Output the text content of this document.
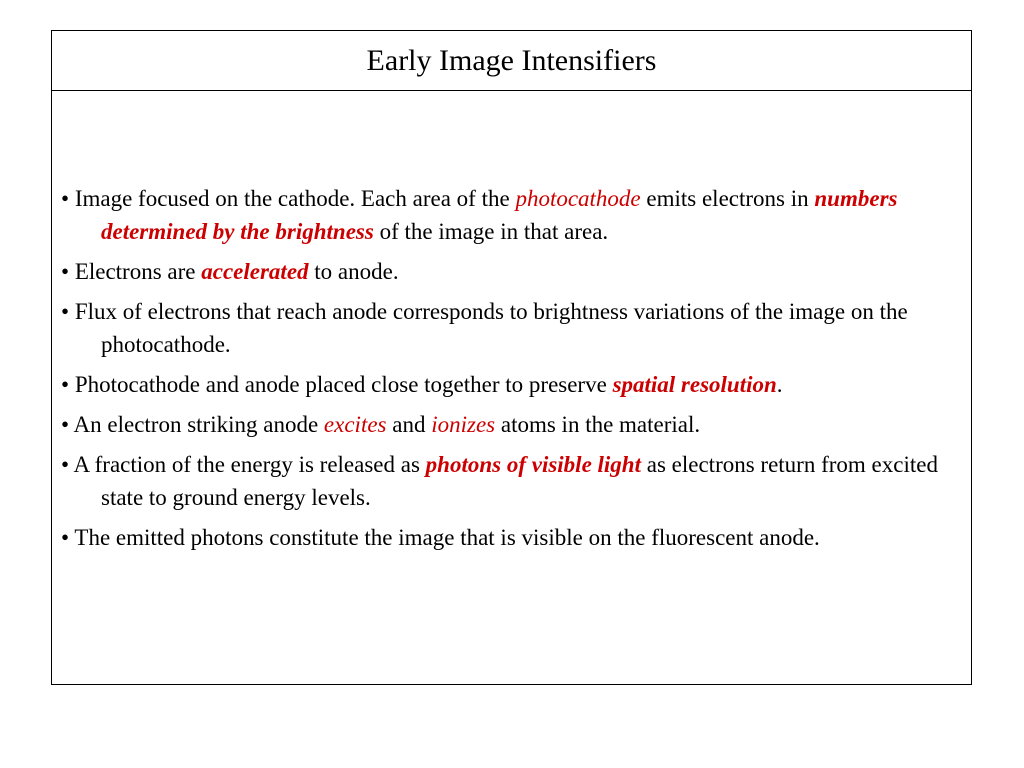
Early Image Intensifiers
• Image focused on the cathode. Each area of the photocathode emits electrons in numbers determined by the brightness of the image in that area.
• Electrons are accelerated to anode.
• Flux of electrons that reach anode corresponds to brightness variations of the image on the photocathode.
• Photocathode and anode placed close together to preserve spatial resolution.
• An electron striking anode excites and ionizes atoms in the material.
• A fraction of the energy is released as photons of visible light as electrons return from excited state to ground energy levels.
• The emitted photons constitute the image that is visible on the fluorescent anode.
